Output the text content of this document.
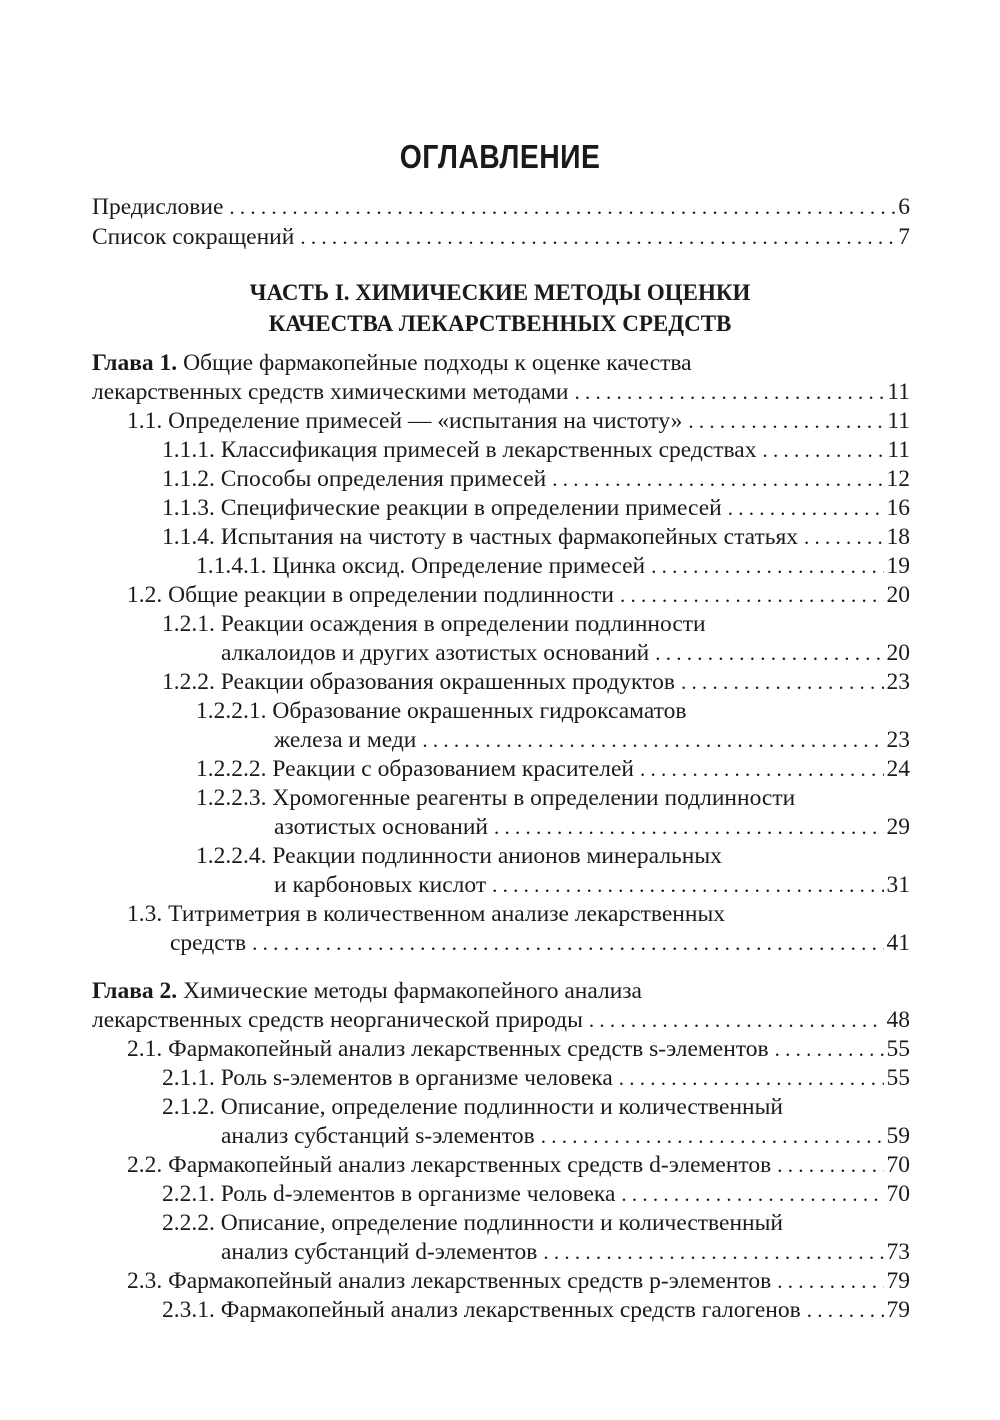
ОГЛАВЛЕНИЕ
Предисловие . . .	6
Список сокращений . . .	7
ЧАСТЬ I. ХИМИЧЕСКИЕ МЕТОДЫ ОЦЕНКИ
КАЧЕСТВА ЛЕКАРСТВЕННЫХ СРЕДСТВ
Глава 1. Общие фармакопейные подходы к оценке качества
лекарственных средств химическими методами . . .	11
1.1. Определение примесей — «испытания на чистоту» . . .	11
1.1.1. Классификация примесей в лекарственных средствах . . .	11
1.1.2. Способы определения примесей . . .	12
1.1.3. Специфические реакции в определении примесей . . .	16
1.1.4. Испытания на чистоту в частных фармакопейных статьях . . .	18
1.1.4.1. Цинка оксид. Определение примесей . . .	19
1.2. Общие реакции в определении подлинности . . .	20
1.2.1. Реакции осаждения в определении подлинности
алкалоидов и других азотистых оснований . . .	20
1.2.2. Реакции образования окрашенных продуктов . . .	23
1.2.2.1. Образование окрашенных гидроксаматов
железа и меди . . .	23
1.2.2.2. Реакции с образованием красителей . . .	24
1.2.2.3. Хромогенные реагенты в определении подлинности
азотистых оснований . . .	29
1.2.2.4. Реакции подлинности анионов минеральных
и карбоновых кислот . . .	31
1.3. Титриметрия в количественном анализе лекарственных
средств . . .	41
Глава 2. Химические методы фармакопейного анализа
лекарственных средств неорганической природы . . .	48
2.1. Фармакопейный анализ лекарственных средств s-элементов . . .	55
2.1.1. Роль s-элементов в организме человека . . .	55
2.1.2. Описание, определение подлинности и количественный
анализ субстанций s-элементов . . .	59
2.2. Фармакопейный анализ лекарственных средств d-элементов . . .	70
2.2.1. Роль d-элементов в организме человека . . .	70
2.2.2. Описание, определение подлинности и количественный
анализ субстанций d-элементов . . .	73
2.3. Фармакопейный анализ лекарственных средств p-элементов . . .	79
2.3.1. Фармакопейный анализ лекарственных средств галогенов . . .	79
